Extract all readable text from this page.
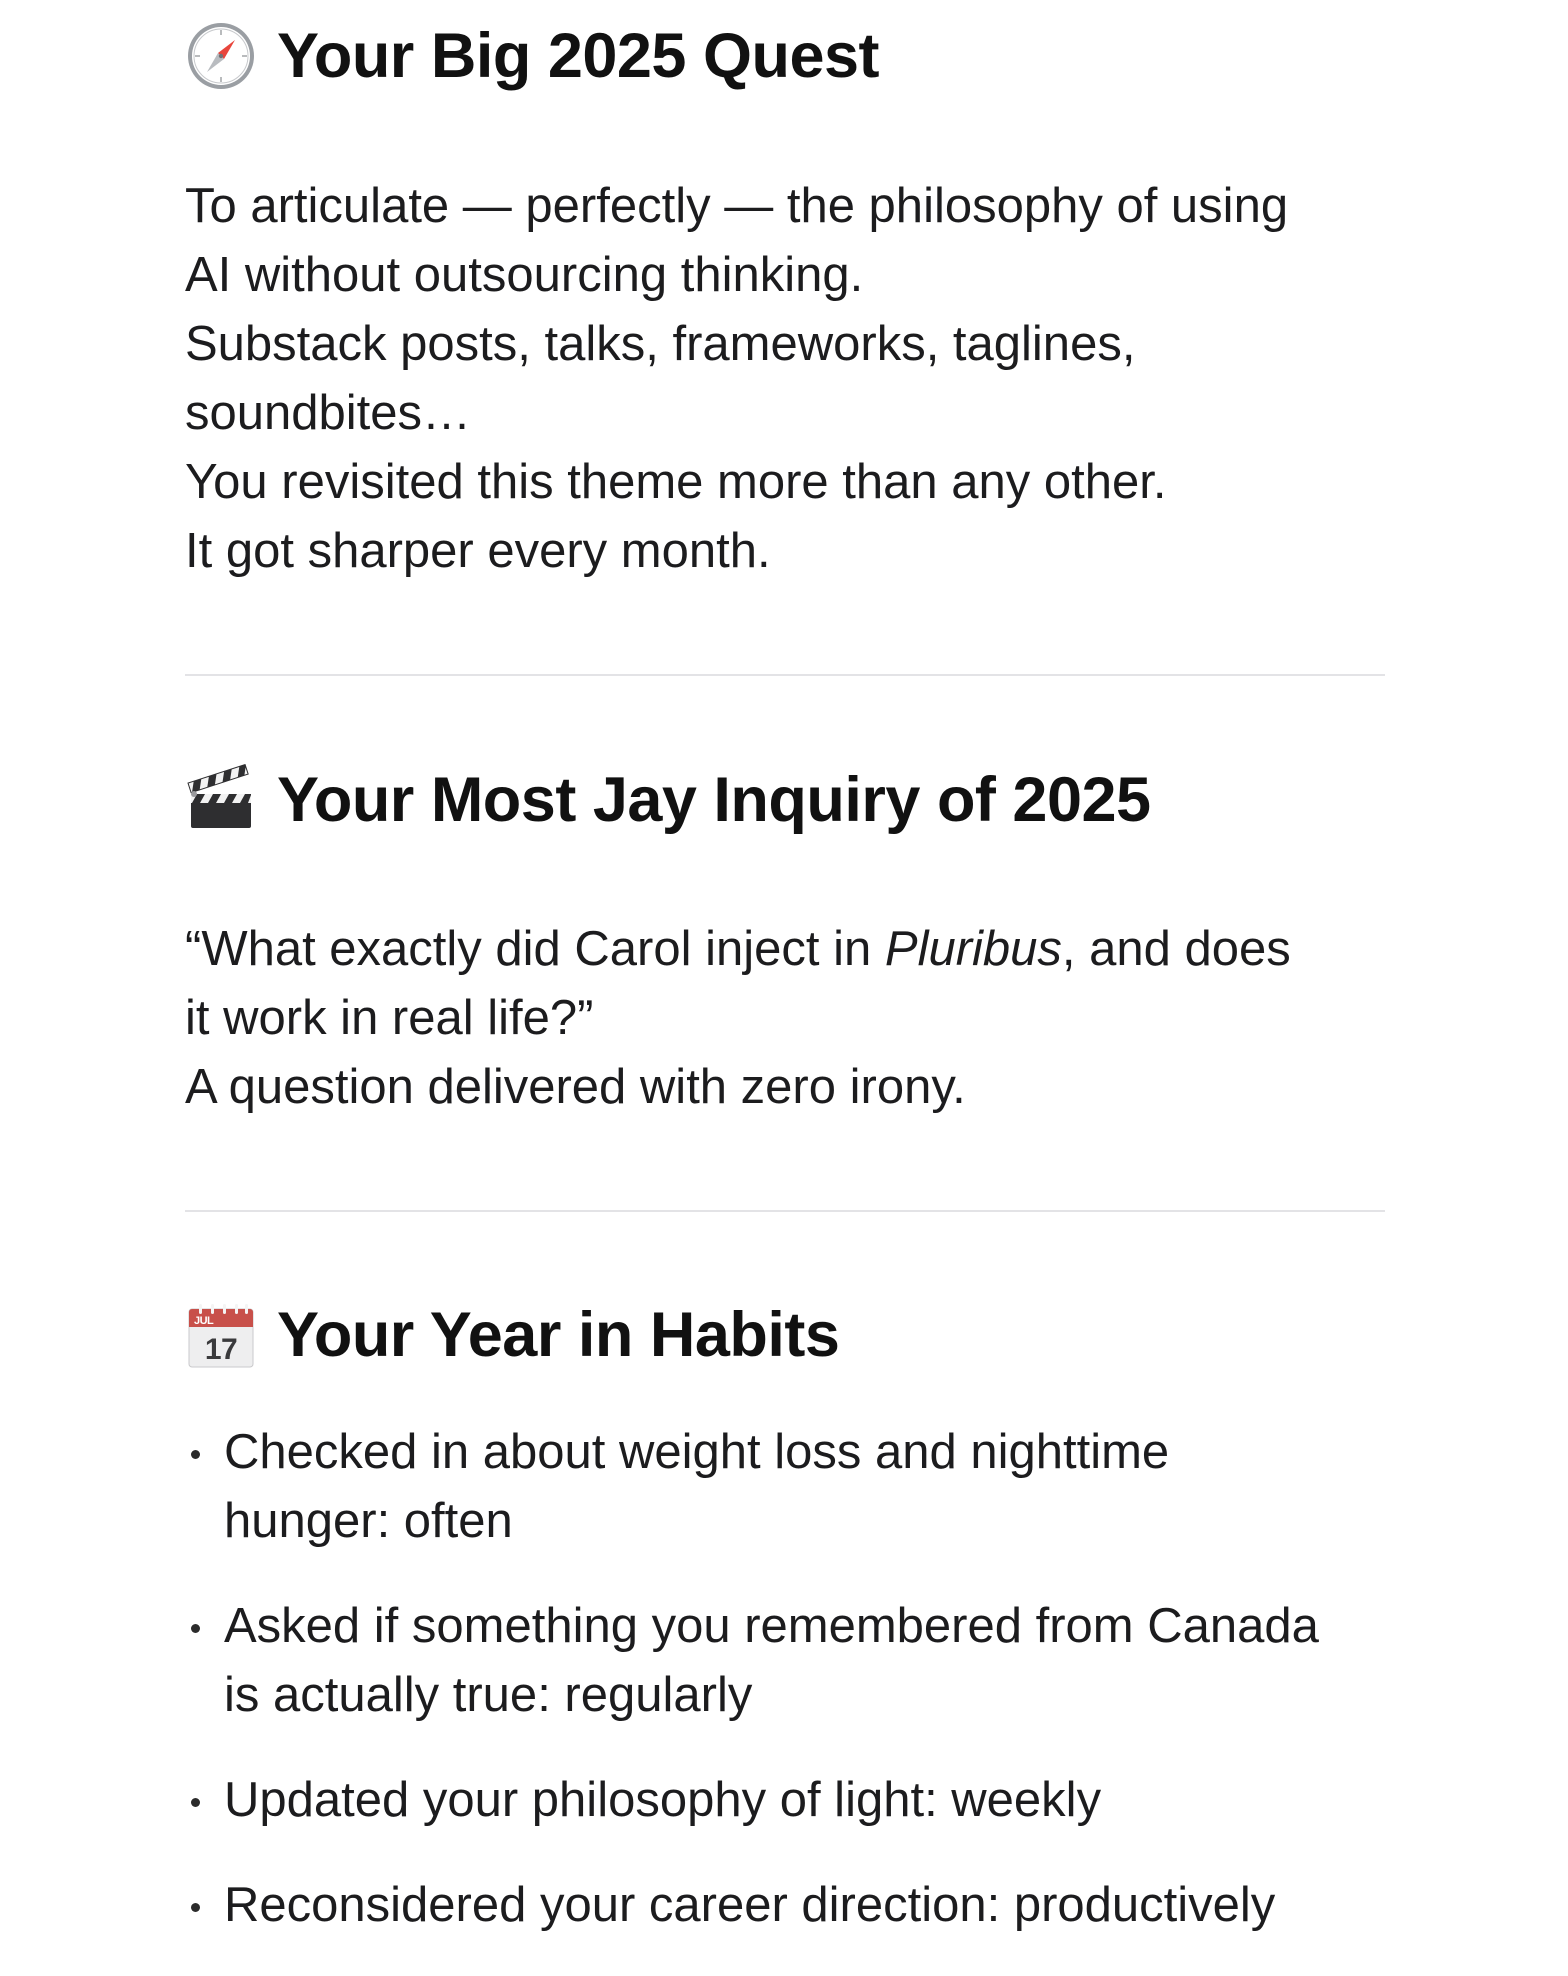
Your Big 2025 Quest

To articulate — perfectly — the philosophy of using
AI without outsourcing thinking.
Substack posts, talks, frameworks, taglines,
soundbites…
You revisited this theme more than any other.
It got sharper every month.

Your Most Jay Inquiry of 2025

“What exactly did Carol inject in Pluribus, and does
it work in real life?”
A question delivered with zero irony.

JUL
17 Your Year in Habits
Checked in about weight loss and nighttime
hunger: often
Asked if something you remembered from Canada
is actually true: regularly
Updated your philosophy of light: weekly
Reconsidered your career direction: productively
